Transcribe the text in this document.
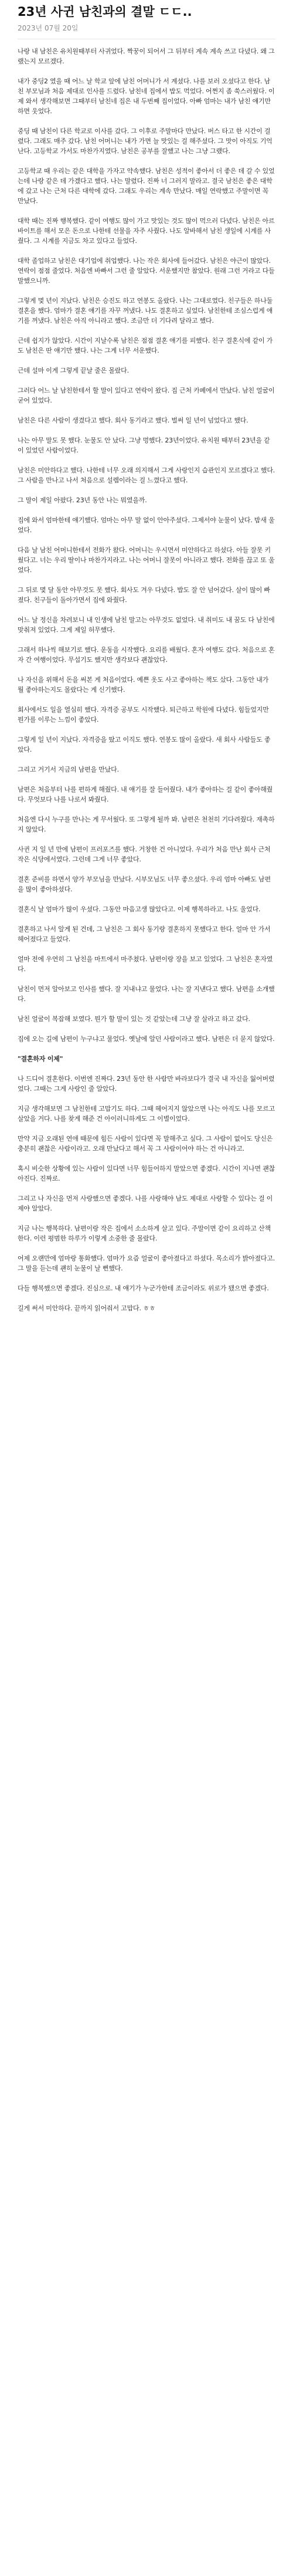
23년 사귄 남친과의 결말 ㄷㄷ..
2023년 07월 20일

나랑 내 남친은 유치원때부터 사귀었다. 짝꿍이 되어서 그 뒤부터 계속 계속 쓰고 다녔다. 왜 그랬는지 모르겠다.

내가 중딩2 였을 때 어느 날 학교 앞에 남친 어머니가 서 계셨다. 나를 보러 오셨다고 한다. 남친 부모님과 처음 제대로 인사를 드렸다. 남친네 집에서 밥도 먹었다. 어쩐지 좀 쑥스러웠다. 이제 와서 생각해보면 그때부터 남친네 집은 내 두번째 집이었다. 아빠 엄마는 내가 남친 얘기만 하면 웃었다.

중딩 때 남친이 다른 학교로 이사를 갔다. 그 이후로 주말마다 만났다. 버스 타고 한 시간이 걸렸다. 그래도 매주 갔다. 남친 어머니는 내가 가면 늘 맛있는 걸 해주셨다. 그 맛이 아직도 기억난다. 고등학교 가서도 마찬가지였다. 남친은 공부를 잘했고 나는 그냥 그랬다.

고등학교 때 우리는 같은 대학을 가자고 약속했다. 남친은 성적이 좋아서 더 좋은 데 갈 수 있었는데 나랑 같은 데 가겠다고 했다. 나는 말렸다. 진짜 너 그러지 말라고. 결국 남친은 좋은 대학에 갔고 나는 근처 다른 대학에 갔다. 그래도 우리는 계속 만났다. 매일 연락했고 주말이면 꼭 만났다.

대학 때는 진짜 행복했다. 같이 여행도 많이 가고 맛있는 것도 많이 먹으러 다녔다. 남친은 아르바이트를 해서 모은 돈으로 나한테 선물을 자주 사줬다. 나도 알바해서 남친 생일에 시계를 사줬다. 그 시계를 지금도 차고 있다고 들었다.

대학 졸업하고 남친은 대기업에 취업했다. 나는 작은 회사에 들어갔다. 남친은 야근이 많았다. 연락이 점점 줄었다. 처음엔 바빠서 그런 줄 알았다. 서운했지만 참았다. 원래 그런 거라고 다들 말했으니까.

그렇게 몇 년이 지났다. 남친은 승진도 하고 연봉도 올랐다. 나는 그대로였다. 친구들은 하나둘 결혼을 했다. 엄마가 결혼 얘기를 자꾸 꺼냈다. 나도 결혼하고 싶었다. 남친한테 조심스럽게 얘기를 꺼냈다. 남친은 아직 아니라고 했다. 조금만 더 기다려 달라고 했다.

근데 쉽지가 않았다. 시간이 지날수록 남친은 점점 결혼 얘기를 피했다. 친구 결혼식에 같이 가도 남친은 딴 얘기만 했다. 나는 그게 너무 서운했다.

근데 설마 이게 그렇게 끝날 줄은 몰랐다.

그러다 어느 날 남친한테서 할 말이 있다고 연락이 왔다. 집 근처 카페에서 만났다. 남친 얼굴이 굳어 있었다.

남친은 다른 사람이 생겼다고 했다. 회사 동기라고 했다. 벌써 일 년이 넘었다고 했다.

나는 아무 말도 못 했다. 눈물도 안 났다. 그냥 멍했다. 23년이었다. 유치원 때부터 23년을 같이 있었던 사람이었다.

남친은 미안하다고 했다. 나한테 너무 오래 의지해서 그게 사랑인지 습관인지 모르겠다고 했다. 그 사람을 만나고 나서 처음으로 설렘이라는 걸 느꼈다고 했다.

그 말이 제일 아팠다. 23년 동안 나는 뭐였을까.

집에 와서 엄마한테 얘기했다. 엄마는 아무 말 없이 안아주셨다. 그제서야 눈물이 났다. 밤새 울었다.

다음 날 남친 어머니한테서 전화가 왔다. 어머니는 우시면서 미안하다고 하셨다. 아들 잘못 키웠다고. 너는 우리 딸이나 마찬가지라고. 나는 어머니 잘못이 아니라고 했다. 전화를 끊고 또 울었다.

그 뒤로 몇 달 동안 아무것도 못 했다. 회사도 겨우 다녔다. 밥도 잘 안 넘어갔다. 살이 많이 빠졌다. 친구들이 돌아가면서 집에 와줬다.

어느 날 정신을 차려보니 내 인생에 남친 말고는 아무것도 없었다. 내 취미도 내 꿈도 다 남친에 맞춰져 있었다. 그게 제일 허무했다.

그래서 하나씩 해보기로 했다. 운동을 시작했다. 요리를 배웠다. 혼자 여행도 갔다. 처음으로 혼자 간 여행이었다. 무섭기도 했지만 생각보다 괜찮았다.

나 자신을 위해서 돈을 써본 게 처음이었다. 예쁜 옷도 사고 좋아하는 책도 샀다. 그동안 내가 뭘 좋아하는지도 몰랐다는 게 신기했다.

회사에서도 일을 열심히 했다. 자격증 공부도 시작했다. 퇴근하고 학원에 다녔다. 힘들었지만 뭔가를 이루는 느낌이 좋았다.

그렇게 일 년이 지났다. 자격증을 땄고 이직도 했다. 연봉도 많이 올랐다. 새 회사 사람들도 좋았다.

그리고 거기서 지금의 남편을 만났다.

남편은 처음부터 나를 편하게 해줬다. 내 얘기를 잘 들어줬다. 내가 좋아하는 걸 같이 좋아해줬다. 무엇보다 나를 나로서 봐줬다.

처음엔 다시 누구를 만나는 게 무서웠다. 또 그렇게 될까 봐. 남편은 천천히 기다려줬다. 재촉하지 않았다.

사귄 지 일 년 만에 남편이 프러포즈를 했다. 거창한 건 아니었다. 우리가 처음 만난 회사 근처 작은 식당에서였다. 그런데 그게 너무 좋았다.

결혼 준비를 하면서 양가 부모님을 만났다. 시부모님도 너무 좋으셨다. 우리 엄마 아빠도 남편을 많이 좋아하셨다.

결혼식 날 엄마가 많이 우셨다. 그동안 마음고생 많았다고. 이제 행복하라고. 나도 울었다.

결혼하고 나서 알게 된 건데, 그 남친은 그 회사 동기랑 결혼하지 못했다고 한다. 얼마 안 가서 헤어졌다고 들었다.

얼마 전에 우연히 그 남친을 마트에서 마주쳤다. 남편이랑 장을 보고 있었다. 그 남친은 혼자였다.

남친이 먼저 알아보고 인사를 했다. 잘 지내냐고 물었다. 나는 잘 지낸다고 했다. 남편을 소개했다.

남친 얼굴이 복잡해 보였다. 뭔가 할 말이 있는 것 같았는데 그냥 잘 살라고 하고 갔다.

집에 오는 길에 남편이 누구냐고 물었다. 옛날에 알던 사람이라고 했다. 남편은 더 묻지 않았다.

"결혼하자 이제"

나 드디어 결혼한다. 이번엔 진짜다. 23년 동안 한 사람만 바라보다가 결국 내 자신을 잃어버렸었다. 그때는 그게 사랑인 줄 알았다.

지금 생각해보면 그 남친한테 고맙기도 하다. 그때 헤어지지 않았으면 나는 아직도 나를 모르고 살았을 거다. 나를 찾게 해준 건 아이러니하게도 그 이별이었다.

만약 지금 오래된 연애 때문에 힘든 사람이 있다면 꼭 말해주고 싶다. 그 사람이 없어도 당신은 충분히 괜찮은 사람이라고. 오래 만났다고 해서 꼭 그 사람이어야 하는 건 아니라고.

혹시 비슷한 상황에 있는 사람이 있다면 너무 힘들어하지 말았으면 좋겠다. 시간이 지나면 괜찮아진다. 진짜로.

그리고 나 자신을 먼저 사랑했으면 좋겠다. 나를 사랑해야 남도 제대로 사랑할 수 있다는 걸 이제야 알았다.

지금 나는 행복하다. 남편이랑 작은 집에서 소소하게 살고 있다. 주말이면 같이 요리하고 산책한다. 이런 평범한 하루가 이렇게 소중한 줄 몰랐다.

어제 오랜만에 엄마랑 통화했다. 엄마가 요즘 얼굴이 좋아졌다고 하셨다. 목소리가 밝아졌다고. 그 말을 듣는데 괜히 눈물이 날 뻔했다.

다들 행복했으면 좋겠다. 진심으로. 내 얘기가 누군가한테 조금이라도 위로가 됐으면 좋겠다.

길게 써서 미안하다. 끝까지 읽어줘서 고맙다. ㅎㅎ
